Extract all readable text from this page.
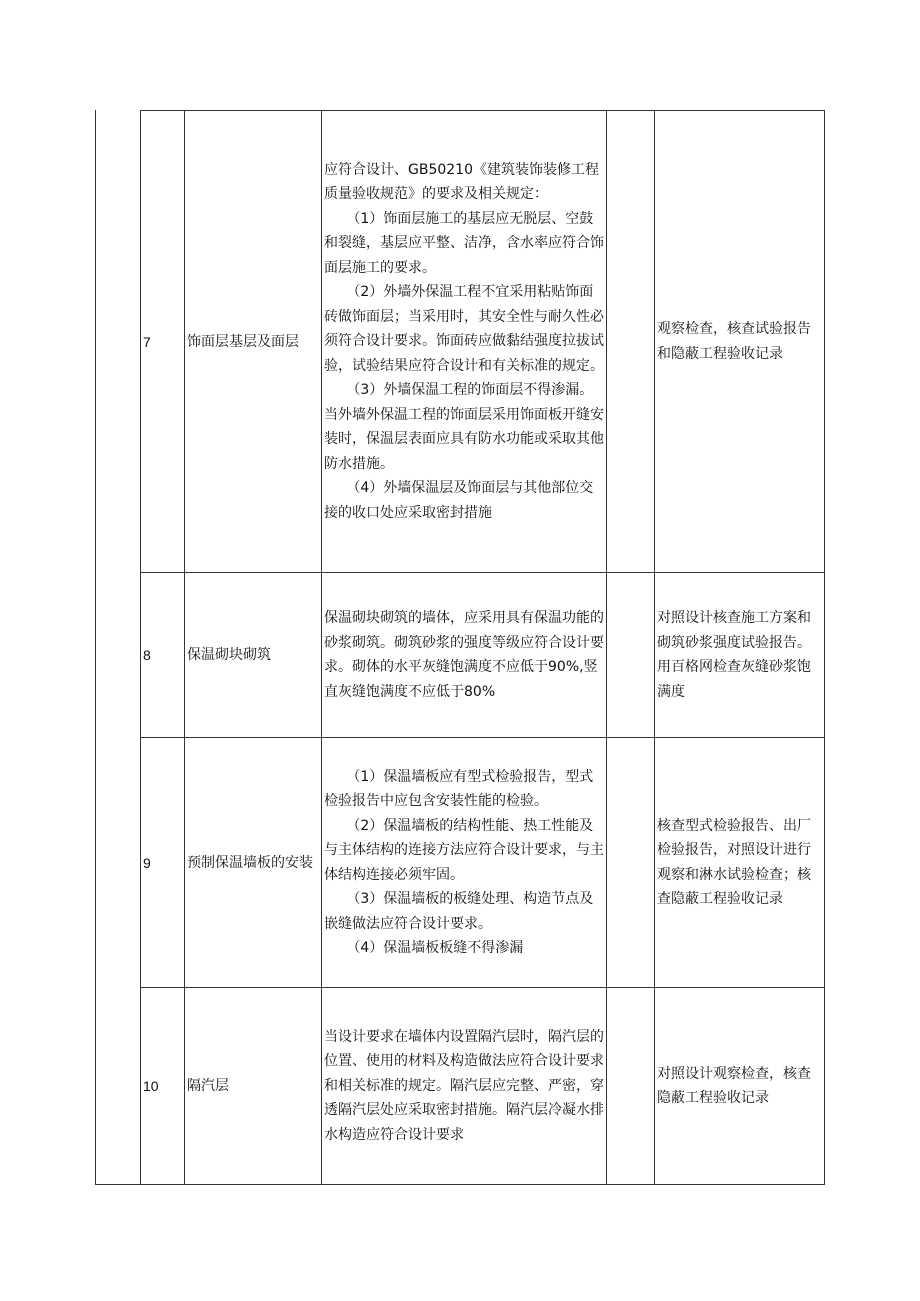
7	饰面层基层及面层

应符合设计、GB50210《建筑装饰装修工程质量验收规范》的要求及相关规定：

（1）饰面层施工的基层应无脱层、空鼓和裂缝，基层应平整、洁净，含水率应符合饰面层施工的要求。

（2）外墙外保温工程不宜采用粘贴饰面砖做饰面层；当采用时，其安全性与耐久性必须符合设计要求。饰面砖应做黏结强度拉拔试验，试验结果应符合设计和有关标准的规定。

（3）外墙保温工程的饰面层不得渗漏。当外墙外保温工程的饰面层采用饰面板开缝安装时，保温层表面应具有防水功能或采取其他防水措施。

（4）外墙保温层及饰面层与其他部位交接的收口处应采取密封措施

观察检查，核查试验报告和隐蔽工程验收记录
8	保温砌块砌筑

保温砌块砌筑的墙体，应采用具有保温功能的砂浆砌筑。砌筑砂浆的强度等级应符合设计要求。砌体的水平灰缝饱满度不应低于90%,竖直灰缝饱满度不应低于80%

对照设计核查施工方案和砌筑砂浆强度试验报告。用百格网检查灰缝砂浆饱满度
9	预制保温墙板的安装

（1）保温墙板应有型式检验报告，型式检验报告中应包含安装性能的检验。

（2）保温墙板的结构性能、热工性能及与主体结构的连接方法应符合设计要求，与主体结构连接必须牢固。

（3）保温墙板的板缝处理、构造节点及嵌缝做法应符合设计要求。

（4）保温墙板板缝不得渗漏

核查型式检验报告、出厂检验报告，对照设计进行观察和淋水试验检查；核查隐蔽工程验收记录
10	隔汽层

当设计要求在墙体内设置隔汽层时，隔汽层的位置、使用的材料及构造做法应符合设计要求和相关标准的规定。隔汽层应完整、严密，穿透隔汽层处应采取密封措施。隔汽层冷凝水排水构造应符合设计要求

对照设计观察检查，核查隐蔽工程验收记录
